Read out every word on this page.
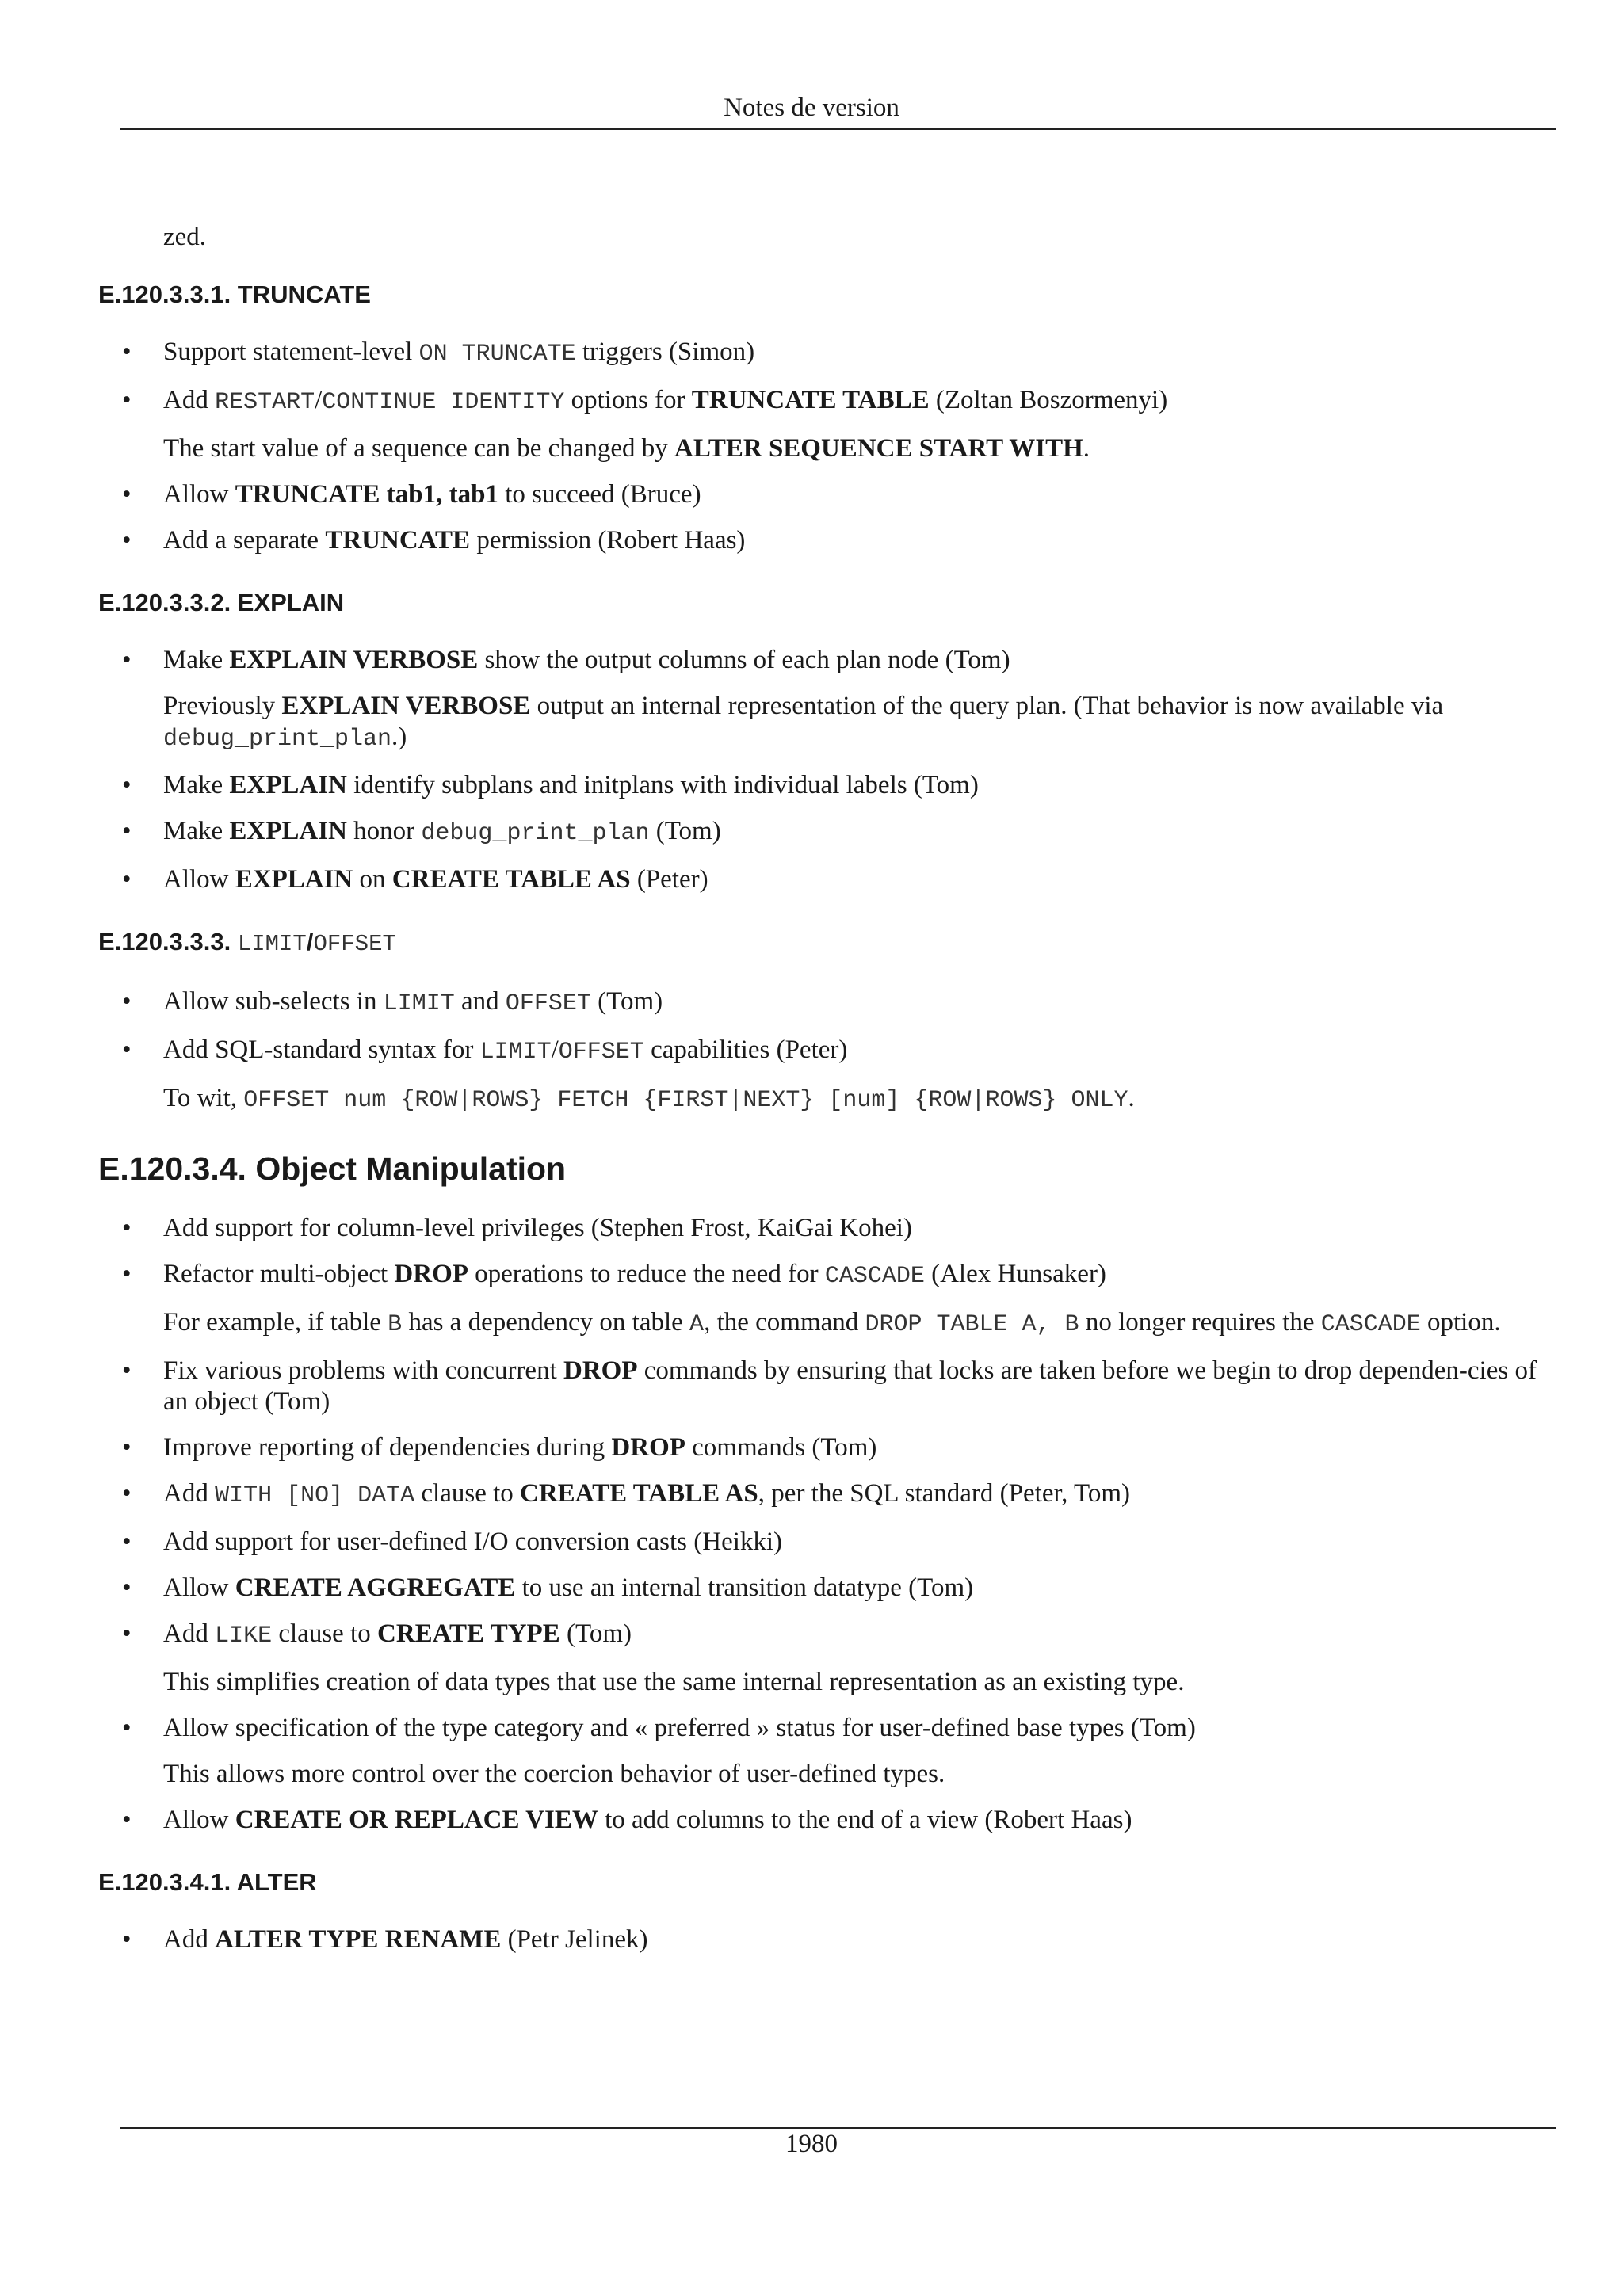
Notes de version

zed.

E.120.3.3.1. TRUNCATE
• Support statement-level ON TRUNCATE triggers (Simon)
• Add RESTART/CONTINUE IDENTITY options for TRUNCATE TABLE (Zoltan Boszormenyi)
The start value of a sequence can be changed by ALTER SEQUENCE START WITH.
• Allow TRUNCATE tab1, tab1 to succeed (Bruce)
• Add a separate TRUNCATE permission (Robert Haas)
E.120.3.3.2. EXPLAIN
• Make EXPLAIN VERBOSE show the output columns of each plan node (Tom)
Previously EXPLAIN VERBOSE output an internal representation of the query plan. (That behavior is now available via debug_print_plan.)
• Make EXPLAIN identify subplans and initplans with individual labels (Tom)
• Make EXPLAIN honor debug_print_plan (Tom)
• Allow EXPLAIN on CREATE TABLE AS (Peter)
E.120.3.3.3. LIMIT/OFFSET
• Allow sub-selects in LIMIT and OFFSET (Tom)
• Add SQL-standard syntax for LIMIT/OFFSET capabilities (Peter)
To wit, OFFSET num {ROW|ROWS} FETCH {FIRST|NEXT} [num] {ROW|ROWS} ONLY.
E.120.3.4. Object Manipulation
• Add support for column-level privileges (Stephen Frost, KaiGai Kohei)
• Refactor multi-object DROP operations to reduce the need for CASCADE (Alex Hunsaker)
For example, if table B has a dependency on table A, the command DROP TABLE A, B no longer requires the CASCADE option.
• Fix various problems with concurrent DROP commands by ensuring that locks are taken before we begin to drop dependen-cies of an object (Tom)
• Improve reporting of dependencies during DROP commands (Tom)
• Add WITH [NO] DATA clause to CREATE TABLE AS, per the SQL standard (Peter, Tom)
• Add support for user-defined I/O conversion casts (Heikki)
• Allow CREATE AGGREGATE to use an internal transition datatype (Tom)
• Add LIKE clause to CREATE TYPE (Tom)
This simplifies creation of data types that use the same internal representation as an existing type.
• Allow specification of the type category and « preferred » status for user-defined base types (Tom)
This allows more control over the coercion behavior of user-defined types.
• Allow CREATE OR REPLACE VIEW to add columns to the end of a view (Robert Haas)
E.120.3.4.1. ALTER
• Add ALTER TYPE RENAME (Petr Jelinek)
1980
